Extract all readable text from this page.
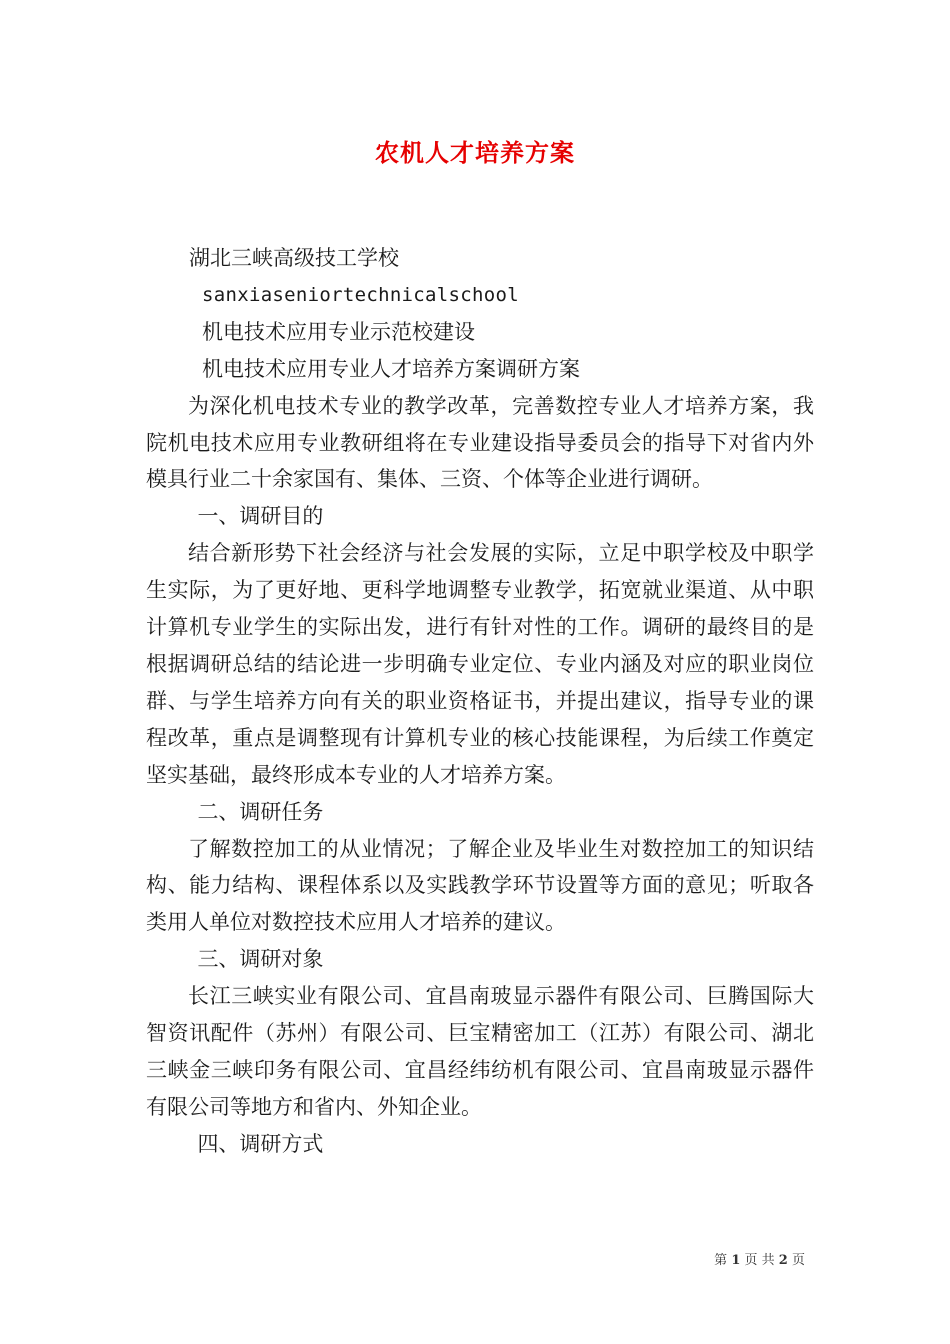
农机人才培养方案

湖北三峡高级技工学校

sanxiaseniortechnicalschool

机电技术应用专业示范校建设

机电技术应用专业人才培养方案调研方案

为深化机电技术专业的教学改革，完善数控专业人才培养方案，我院机电技术应用专业教研组将在专业建设指导委员会的指导下对省内外模具行业二十余家国有、集体、三资、个体等企业进行调研。

一、调研目的

结合新形势下社会经济与社会发展的实际，立足中职学校及中职学生实际，为了更好地、更科学地调整专业教学，拓宽就业渠道、从中职计算机专业学生的实际出发，进行有针对性的工作。调研的最终目的是根据调研总结的结论进一步明确专业定位、专业内涵及对应的职业岗位群、与学生培养方向有关的职业资格证书，并提出建议，指导专业的课程改革，重点是调整现有计算机专业的核心技能课程，为后续工作奠定坚实基础，最终形成本专业的人才培养方案。

二、调研任务

了解数控加工的从业情况；了解企业及毕业生对数控加工的知识结构、能力结构、课程体系以及实践教学环节设置等方面的意见；听取各类用人单位对数控技术应用人才培养的建议。

三、调研对象

长江三峡实业有限公司、宜昌南玻显示器件有限公司、巨腾国际大智资讯配件（苏州）有限公司、巨宝精密加工（江苏）有限公司、湖北三峡金三峡印务有限公司、宜昌经纬纺机有限公司、宜昌南玻显示器件有限公司等地方和省内、外知企业。

四、调研方式

第 1 页 共 2 页
